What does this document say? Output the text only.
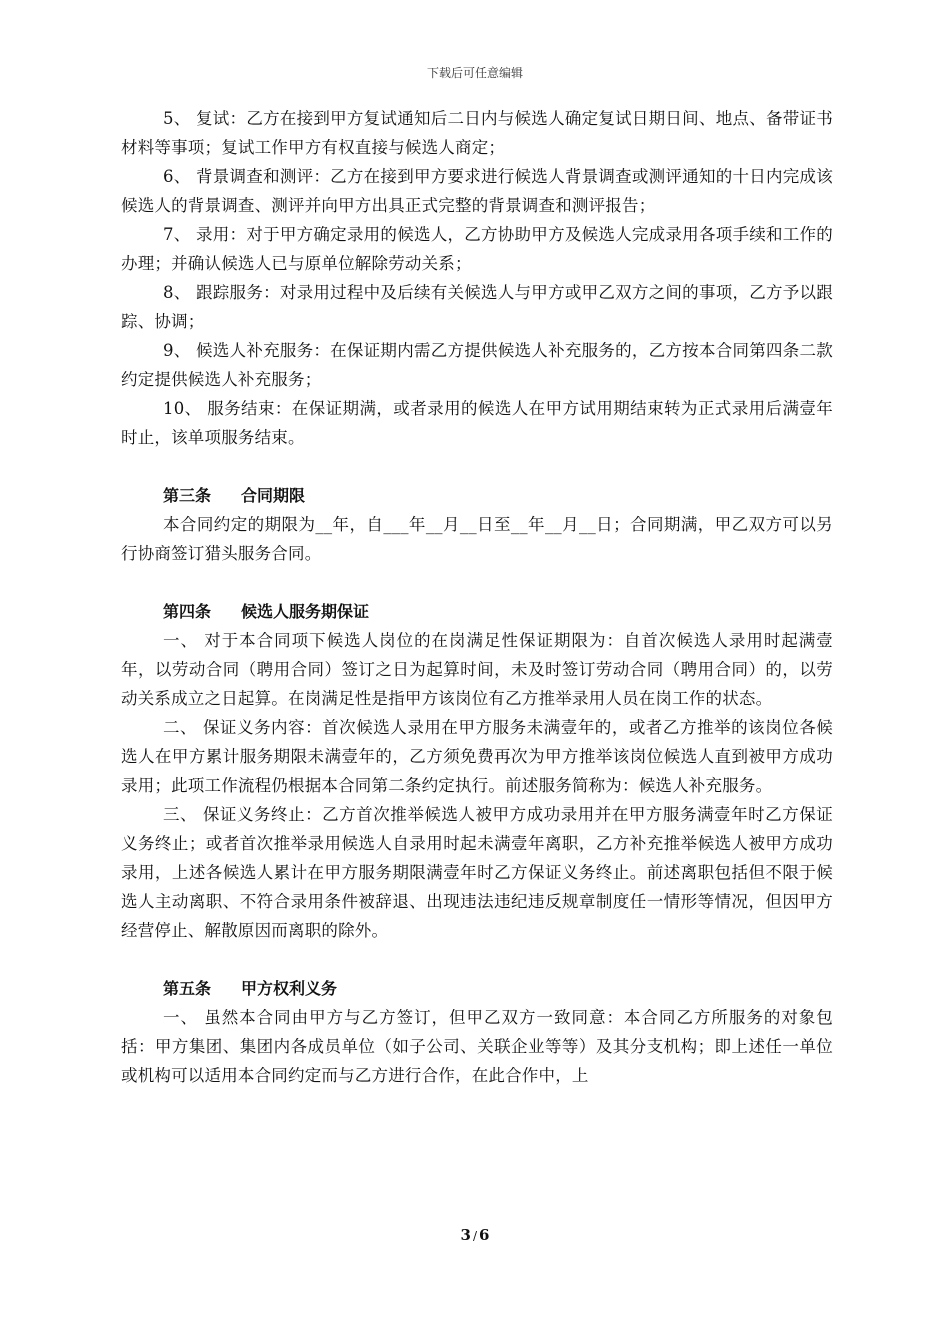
下载后可任意编辑

5、 复试：乙方在接到甲方复试通知后二日内与候选人确定复试日期日间、地点、备带证书材料等事项；复试工作甲方有权直接与候选人商定；

6、 背景调查和测评：乙方在接到甲方要求进行候选人背景调查或测评通知的十日内完成该候选人的背景调查、测评并向甲方出具正式完整的背景调查和测评报告；

7、 录用：对于甲方确定录用的候选人，乙方协助甲方及候选人完成录用各项手续和工作的办理；并确认候选人已与原单位解除劳动关系；

8、 跟踪服务：对录用过程中及后续有关候选人与甲方或甲乙双方之间的事项，乙方予以跟踪、协调；

9、 候选人补充服务：在保证期内需乙方提供候选人补充服务的，乙方按本合同第四条二款约定提供候选人补充服务；

10、 服务结束：在保证期满，或者录用的候选人在甲方试用期结束转为正式录用后满壹年时止，该单项服务结束。

第三条 合同期限

本合同约定的期限为__年，自___年__月__日至__年__月__日；合同期满，甲乙双方可以另行协商签订猎头服务合同。

第四条 候选人服务期保证

一、 对于本合同项下候选人岗位的在岗满足性保证期限为：自首次候选人录用时起满壹年，以劳动合同（聘用合同）签订之日为起算时间，未及时签订劳动合同（聘用合同）的，以劳动关系成立之日起算。在岗满足性是指甲方该岗位有乙方推举录用人员在岗工作的状态。

二、 保证义务内容：首次候选人录用在甲方服务未满壹年的，或者乙方推举的该岗位各候选人在甲方累计服务期限未满壹年的，乙方须免费再次为甲方推举该岗位候选人直到被甲方成功录用；此项工作流程仍根据本合同第二条约定执行。前述服务简称为：候选人补充服务。

三、 保证义务终止：乙方首次推举候选人被甲方成功录用并在甲方服务满壹年时乙方保证义务终止；或者首次推举录用候选人自录用时起未满壹年离职，乙方补充推举候选人被甲方成功录用，上述各候选人累计在甲方服务期限满壹年时乙方保证义务终止。前述离职包括但不限于候选人主动离职、不符合录用条件被辞退、出现违法违纪违反规章制度任一情形等情况，但因甲方经营停止、解散原因而离职的除外。

第五条 甲方权利义务

一、 虽然本合同由甲方与乙方签订，但甲乙双方一致同意：本合同乙方所服务的对象包括：甲方集团、集团内各成员单位（如子公司、关联企业等等）及其分支机构；即上述任一单位或机构可以适用本合同约定而与乙方进行合作，在此合作中，上

3 / 6
